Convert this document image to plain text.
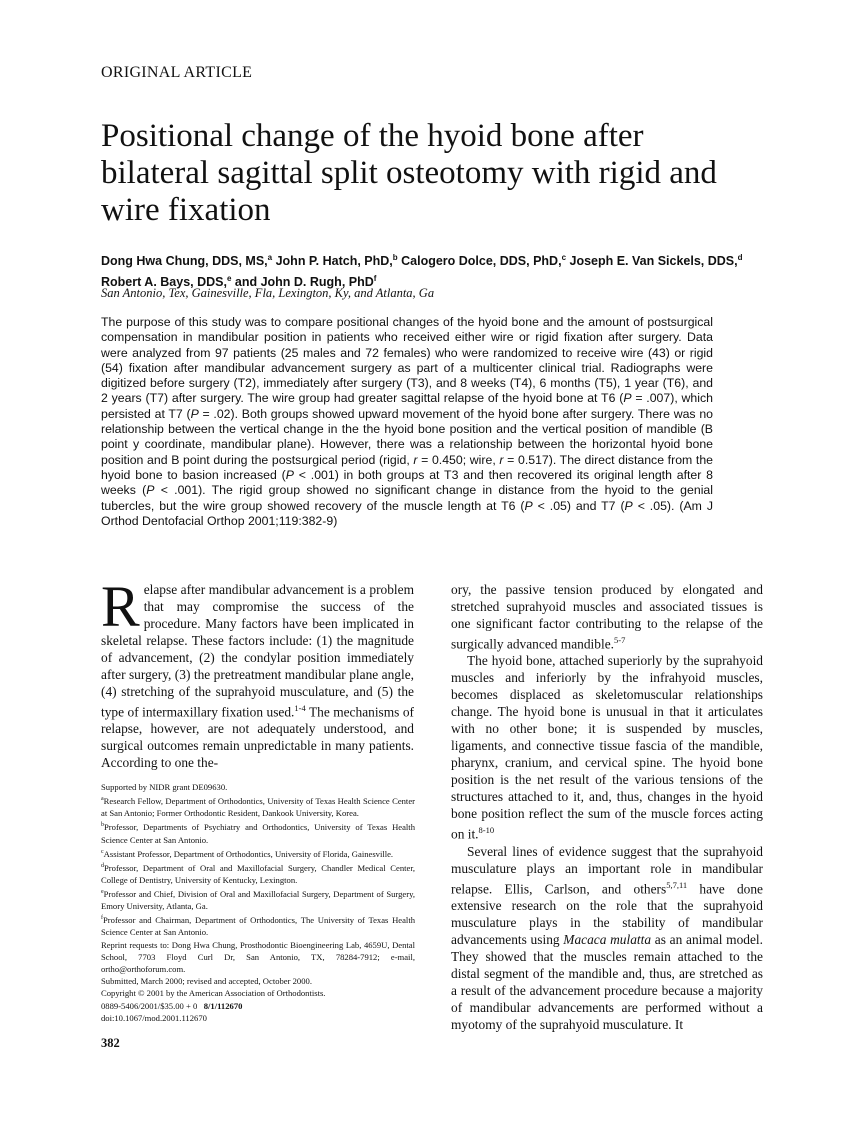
ORIGINAL ARTICLE
Positional change of the hyoid bone after bilateral sagittal split osteotomy with rigid and wire fixation
Dong Hwa Chung, DDS, MS,$^a$ John P. Hatch, PhD,$^b$ Calogero Dolce, DDS, PhD,$^c$ Joseph E. Van Sickels, DDS,$^d$
Robert A. Bays, DDS,$^e$ and John D. Rugh, PhD$^f$
San Antonio, Tex, Gainesville, Fla, Lexington, Ky, and Atlanta, Ga
The purpose of this study was to compare positional changes of the hyoid bone and the amount of postsurgical compensation in mandibular position in patients who received either wire or rigid fixation after surgery. Data were analyzed from 97 patients (25 males and 72 females) who were randomized to receive wire (43) or rigid (54) fixation after mandibular advancement surgery as part of a multicenter clinical trial. Radiographs were digitized before surgery (T2), immediately after surgery (T3), and 8 weeks (T4), 6 months (T5), 1 year (T6), and 2 years (T7) after surgery. The wire group had greater sagittal relapse of the hyoid bone at T6 (P = .007), which persisted at T7 (P = .02). Both groups showed upward movement of the hyoid bone after surgery. There was no relationship between the vertical change in the the hyoid bone position and the vertical position of mandible (B point y coordinate, mandibular plane). However, there was a relationship between the horizontal hyoid bone position and B point during the postsurgical period (rigid, r = 0.450; wire, r = 0.517). The direct distance from the hyoid bone to basion increased (P < .001) in both groups at T3 and then recovered its original length after 8 weeks (P < .001). The rigid group showed no significant change in distance from the hyoid to the genial tubercles, but the wire group showed recovery of the muscle length at T6 (P < .05) and T7 (P < .05). (Am J Orthod Dentofacial Orthop 2001;119:382-9)

Relapse after mandibular advancement is a problem that may compromise the success of the procedure. Many factors have been implicated in skeletal relapse. These factors include: (1) the magnitude of advancement, (2) the condylar position immediately after surgery, (3) the pretreatment mandibular plane angle, (4) stretching of the suprahyoid musculature, and (5) the type of intermaxillary fixation used.$^{1-4}$ The mechanisms of relapse, however, are not adequately understood, and surgical outcomes remain unpredictable in many patients. According to one the-

Supported by NIDR grant DE09630.
$^a$Research Fellow, Department of Orthodontics, University of Texas Health Science Center at San Antonio; Former Orthodontic Resident, Dankook University, Korea.
$^b$Professor, Departments of Psychiatry and Orthodontics, University of Texas Health Science Center at San Antonio.
$^c$Assistant Professor, Department of Orthodontics, University of Florida, Gainesville.
$^d$Professor, Department of Oral and Maxillofacial Surgery, Chandler Medical Center, College of Dentistry, University of Kentucky, Lexington.
$^e$Professor and Chief, Division of Oral and Maxillofacial Surgery, Department of Surgery, Emory University, Atlanta, Ga.
$^f$Professor and Chairman, Department of Orthodontics, The University of Texas Health Science Center at San Antonio.
Reprint requests to: Dong Hwa Chung, Prosthodontic Bioengineering Lab, 4659U, Dental School, 7703 Floyd Curl Dr, San Antonio, TX, 78284-7912; e-mail, ortho@orthoforum.com.
Submitted, March 2000; revised and accepted, October 2000.
Copyright © 2001 by the American Association of Orthodontists.
0889-5406/2001/$35.00 + 0 8/1/112670
doi:10.1067/mod.2001.112670

ory, the passive tension produced by elongated and stretched suprahyoid muscles and associated tissues is one significant factor contributing to the relapse of the surgically advanced mandible.$^{5-7}$

The hyoid bone, attached superiorly by the suprahyoid muscles and inferiorly by the infrahyoid muscles, becomes displaced as skeletomuscular relationships change. The hyoid bone is unusual in that it articulates with no other bone; it is suspended by muscles, ligaments, and connective tissue fascia of the mandible, pharynx, cranium, and cervical spine. The hyoid bone position is the net result of the various tensions of the structures attached to it, and, thus, changes in the hyoid bone position reflect the sum of the muscle forces acting on it.$^{8-10}$

Several lines of evidence suggest that the suprahyoid musculature plays an important role in mandibular relapse. Ellis, Carlson, and others$^{5,7,11}$ have done extensive research on the role that the suprahyoid musculature plays in the stability of mandibular advancements using Macaca mulatta as an animal model. They showed that the muscles remain attached to the distal segment of the mandible and, thus, are stretched as a result of the advancement procedure because a majority of mandibular advancements are performed without a myotomy of the suprahyoid musculature. It

382
